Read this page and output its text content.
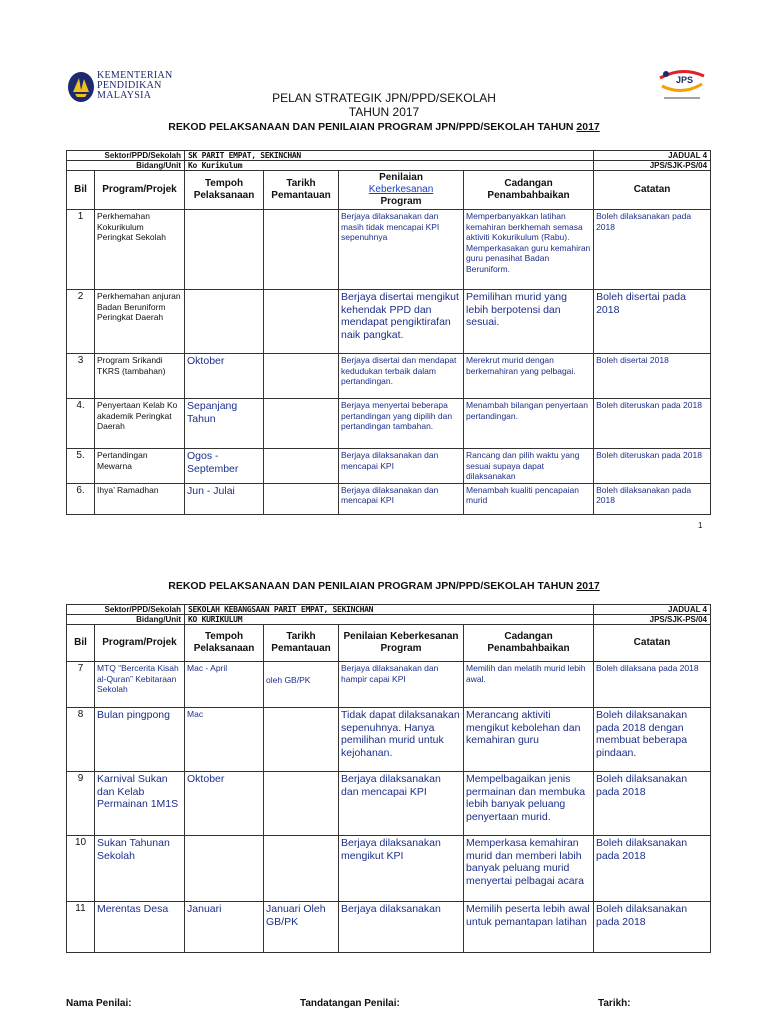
KEMENTERIAN
PENDIDIKAN
MALAYSIA
JPS
PELAN STRATEGIK JPN/PPD/SEKOLAH
TAHUN 2017
REKOD PELAKSANAAN DAN PENILAIAN PROGRAM JPN/PPD/SEKOLAH TAHUN 2017
Sektor/PPD/Sekolah		SK PARIT EMPAT, SEKINCHAN				JADUAL 4
Bidang/Unit		Ko Kurikulum				JPS/SJK-PS/04
Bil	Program/Projek	Tempoh Pelaksanaan	Tarikh Pemantauan	Penilaian
Keberkesanan
Program	Cadangan Penambahbaikan	Catatan
1	Perkhemahan Kokurikulum Peringkat Sekolah			Berjaya dilaksanakan dan masih tidak mencapai KPI sepenuhnya	Memperbanyakkan latihan kemahiran berkhemah semasa aktiviti Kokurikulum (Rabu). Memperkasakan guru kemahiran guru penasihat Badan Beruniform.	Boleh dilaksanakan pada 2018
2	Perkhemahan anjuran Badan Beruniform Peringkat Daerah			Berjaya disertai mengikut kehendak PPD dan mendapat pengiktirafan naik pangkat.	Pemilihan murid yang lebih berpotensi dan sesuai.	Boleh disertai pada 2018
3	Program Srikandi TKRS (tambahan)	Oktober		Berjaya disertai dan mendapat kedudukan terbaik dalam pertandingan.	Merekrut murid dengan berkemahiran yang pelbagai.	Boleh disertai 2018
4.	Penyertaan Kelab Ko akademik Peringkat Daerah	Sepanjang Tahun		Berjaya menyertai beberapa pertandingan yang dipilih dan pertandingan tambahan.	Menambah bilangan penyertaan pertandingan.	Boleh diteruskan pada 2018
5.	Pertandingan Mewarna	Ogos - September		Berjaya dilaksanakan dan mencapai KPI	Rancang dan pilih waktu yang sesuai supaya dapat dilaksanakan	Boleh diteruskan pada 2018
6.	Ihya’ Ramadhan	Jun - Julai		Berjaya dilaksanakan dan mencapai KPI	Menambah kualiti pencapaian murid	Boleh dilaksanakan pada 2018
1
REKOD PELAKSANAAN DAN PENILAIAN PROGRAM JPN/PPD/SEKOLAH TAHUN 2017
Sektor/PPD/Sekolah		SEKOLAH KEBANGSAAN PARIT EMPAT, SEKINCHAN				JADUAL 4
Bidang/Unit		KO KURIKULUM				JPS/SJK-PS/04
Bil	Program/Projek	Tempoh Pelaksanaan	Tarikh Pemantauan	Penilaian Keberkesanan Program	Cadangan Penambahbaikan	Catatan
7	MTQ “Bercerita Kisah al-Quran” Kebitaraan Sekolah	Mac - April	oleh GB/PK	Berjaya dilaksanakan dan hampir capai KPI	Memilih dan melatih murid lebih awal.	Boleh dilaksana pada 2018
8	Bulan pingpong	Mac		Tidak dapat dilaksanakan sepenuhnya. Hanya pemilihan murid untuk kejohanan.	Merancang aktiviti mengikut kebolehan dan kemahiran guru	Boleh dilaksanakan pada 2018 dengan membuat beberapa pindaan.
9	Karnival Sukan dan Kelab Permainan 1M1S	Oktober		Berjaya dilaksanakan dan mencapai KPI	Mempelbagaikan jenis permainan dan membuka lebih banyak peluang penyertaan murid.	Boleh dilaksanakan pada 2018
10	Sukan Tahunan Sekolah			Berjaya dilaksanakan mengikut KPI	Memperkasa kemahiran murid dan memberi labih banyak peluang murid menyertai pelbagai acara	Boleh dilaksanakan pada 2018
11	Merentas Desa	Januari	Januari Oleh GB/PK	Berjaya dilaksanakan	Memilih peserta lebih awal untuk pemantapan latihan	Boleh dilaksanakan pada 2018
Nama Penilai:	Tandatangan Penilai:	Tarikh:
